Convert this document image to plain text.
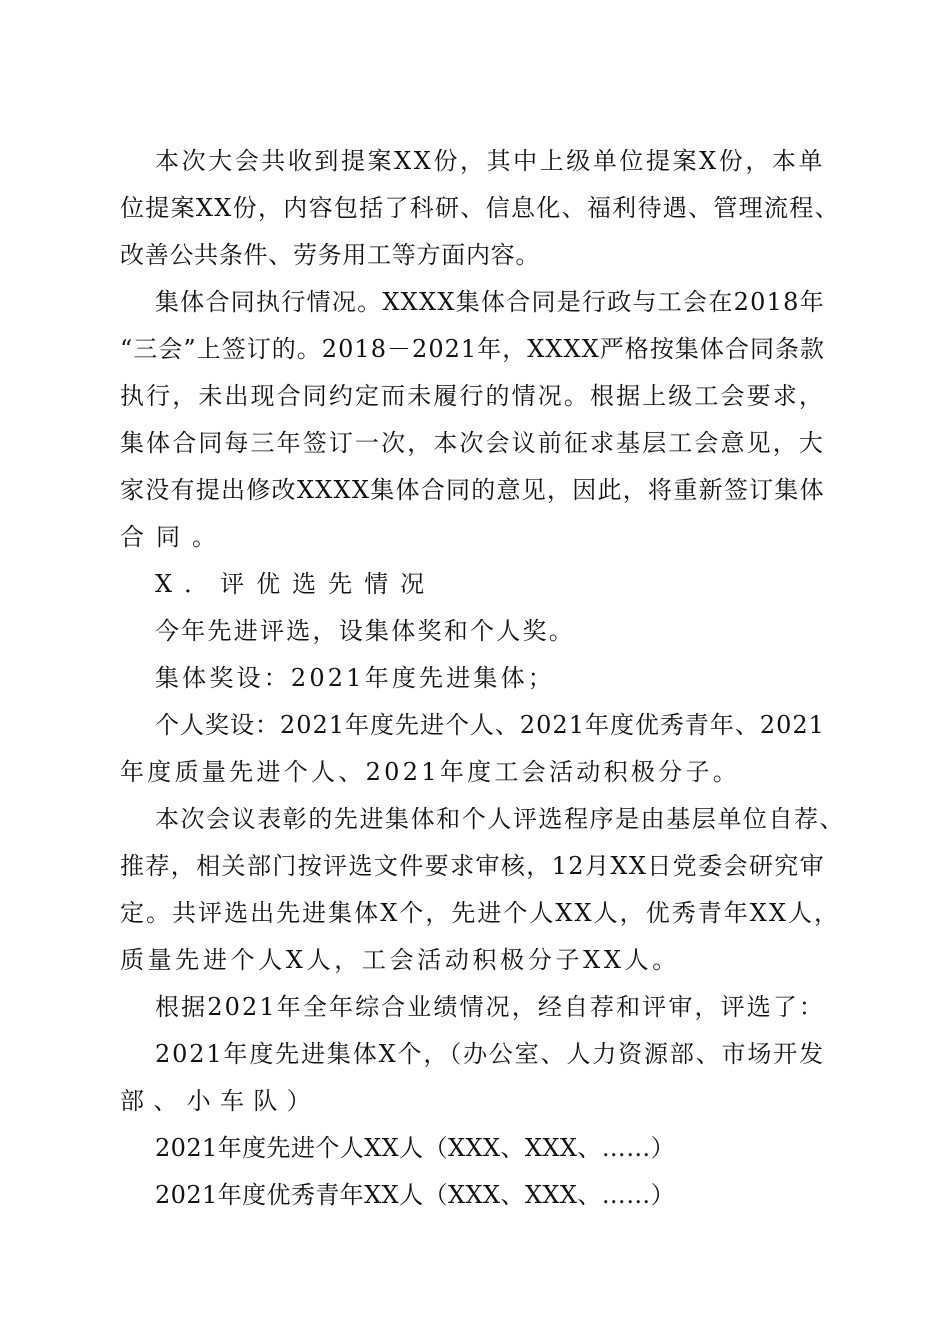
本次大会共收到提案XX份，其中上级单位提案X份，本单
位提案XX份，内容包括了科研、信息化、福利待遇、管理流程、
改善公共条件、劳务用工等方面内容。
集体合同执行情况。XXXX集体合同是行政与工会在2018年
“三会”上签订的。2018－2021年，XXXX严格按集体合同条款
执行，未出现合同约定而未履行的情况。根据上级工会要求，
集体合同每三年签订一次，本次会议前征求基层工会意见，大
家没有提出修改XXXX集体合同的意见，因此，将重新签订集体
合同。
X．评优选先情况
今年先进评选，设集体奖和个人奖。
集体奖设：2021年度先进集体；
个人奖设：2021年度先进个人、2021年度优秀青年、2021
年度质量先进个人、2021年度工会活动积极分子。
本次会议表彰的先进集体和个人评选程序是由基层单位自荐、
推荐，相关部门按评选文件要求审核，12月XX日党委会研究审
定。共评选出先进集体X个，先进个人XX人，优秀青年XX人，
质量先进个人X人，工会活动积极分子XX人。
根据2021年全年综合业绩情况，经自荐和评审，评选了：
2021年度先进集体X个，（办公室、人力资源部、市场开发
部、小车队）
2021年度先进个人XX人（XXX、XXX、……）
2021年度优秀青年XX人（XXX、XXX、……）
